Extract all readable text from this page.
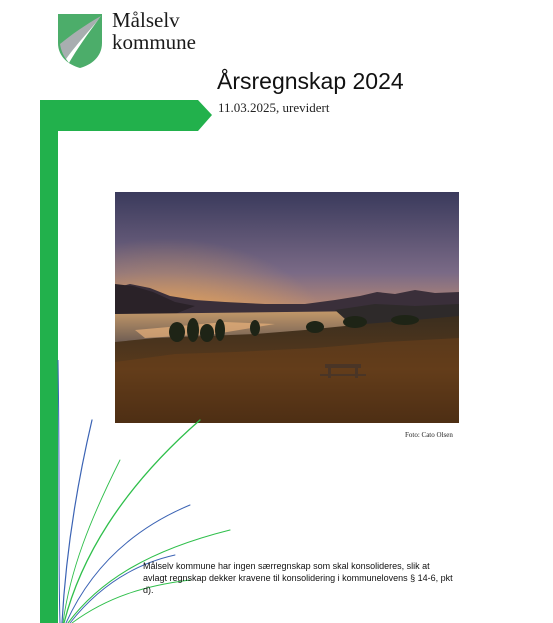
Målselv
kommune
Årsregnskap 2024
11.03.2025, urevidert
Foto: Cato Olsen
Målselv kommune har ingen særregnskap som skal konsolideres, slik at avlagt regnskap dekker kravene til konsolidering i kommunelovens § 14-6, pkt d).
